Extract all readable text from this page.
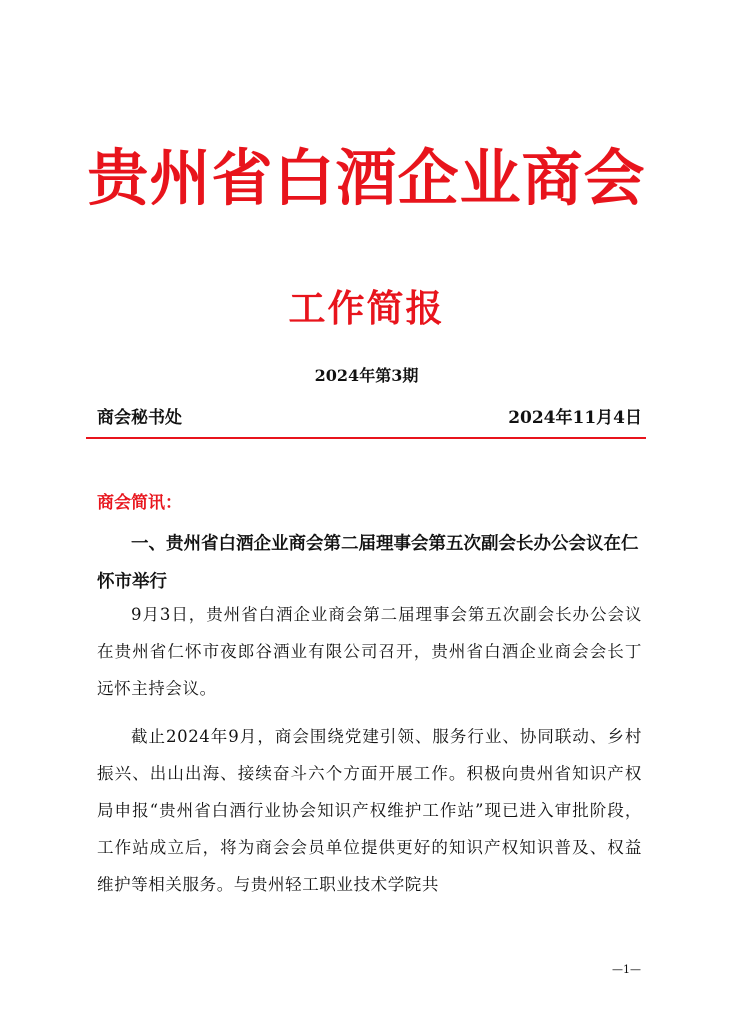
贵州省白酒企业商会
工作简报
2024年第3期
商会秘书处	2024年11月4日
商会简讯：
一、贵州省白酒企业商会第二届理事会第五次副会长办公会议在仁怀市举行
9月3日，贵州省白酒企业商会第二届理事会第五次副会长办公会议在贵州省仁怀市夜郎谷酒业有限公司召开，贵州省白酒企业商会会长丁远怀主持会议。
截止2024年9月，商会围绕党建引领、服务行业、协同联动、乡村振兴、出山出海、接续奋斗六个方面开展工作。积极向贵州省知识产权局申报“贵州省白酒行业协会知识产权维护工作站”现已进入审批阶段，工作站成立后，将为商会会员单位提供更好的知识产权知识普及、权益维护等相关服务。与贵州轻工职业技术学院共
—1—
